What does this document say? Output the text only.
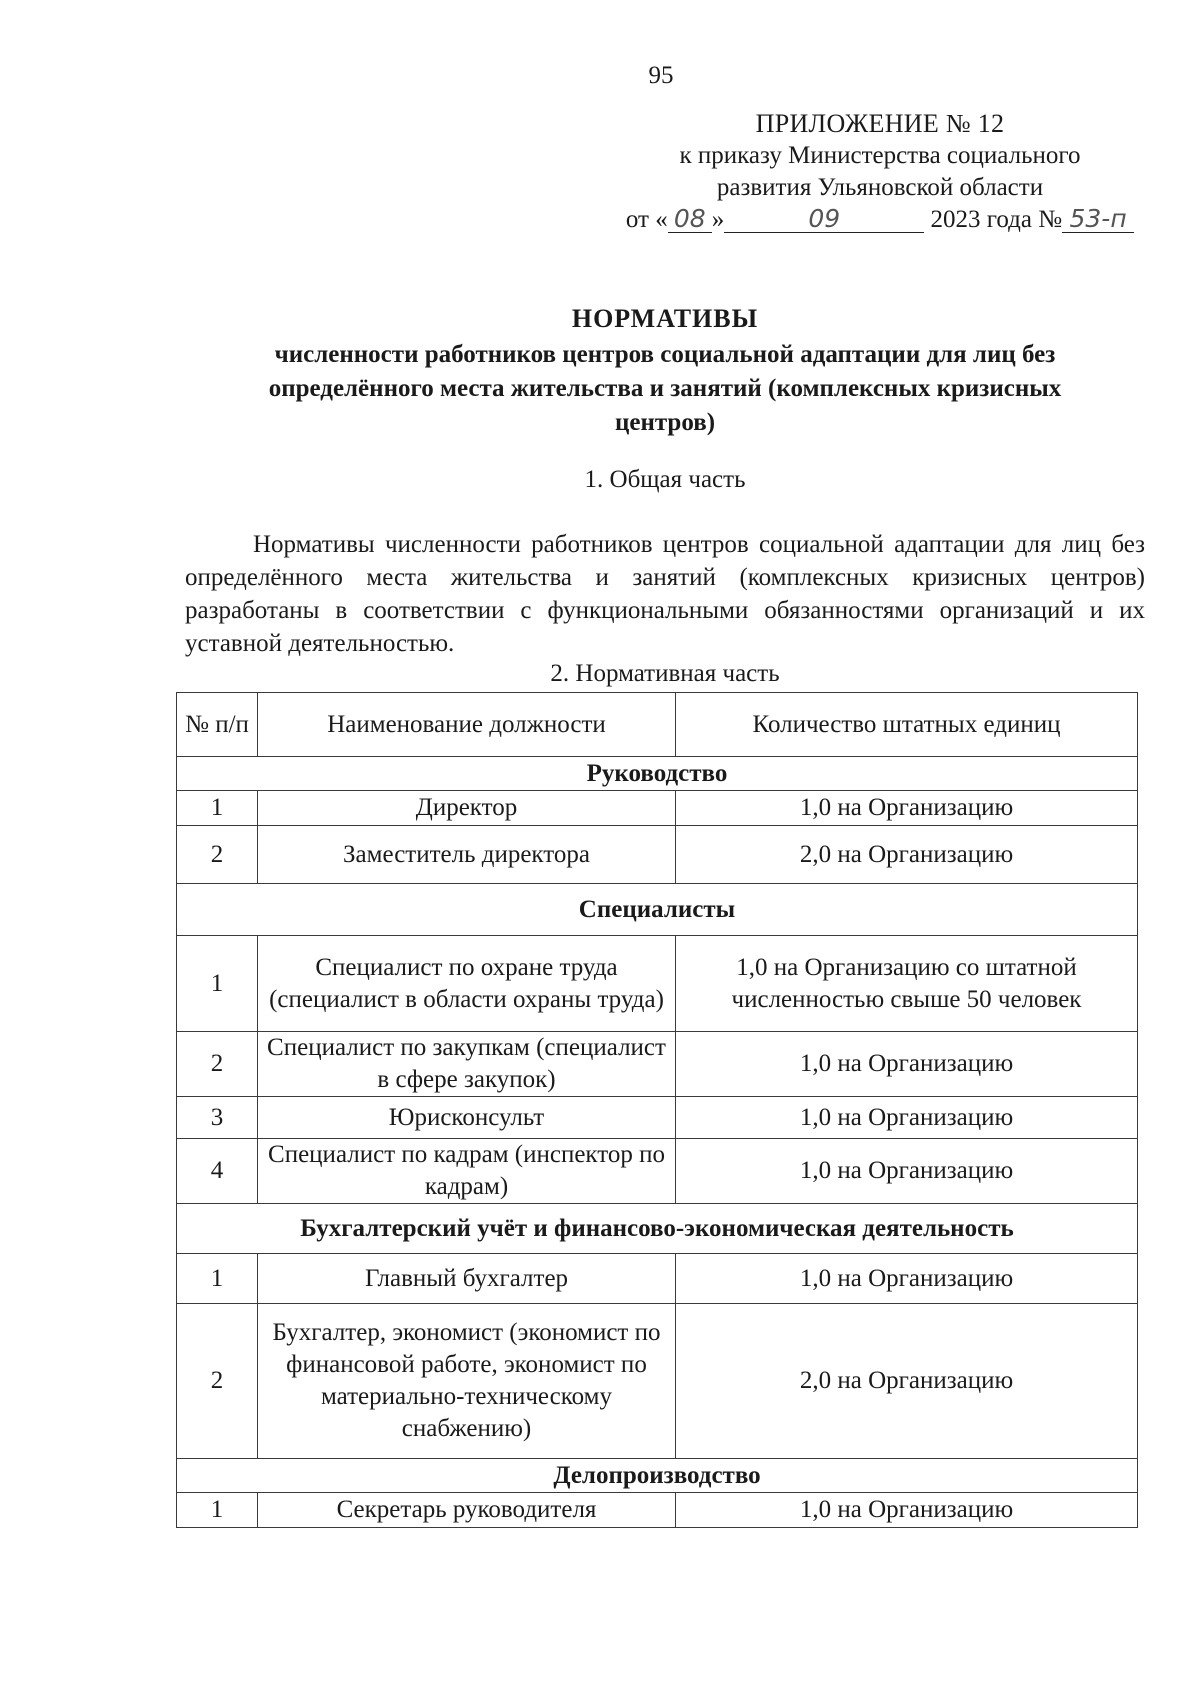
95
ПРИЛОЖЕНИЕ № 12
к приказу Министерства социального
развития Ульяновской области
от « 08 »	09	2023 года № 53-п
НОРМАТИВЫ
численности работников центров социальной адаптации для лиц без
определённого места жительства и занятий (комплексных кризисных
центров)
1. Общая часть
Нормативы численности работников центров социальной адаптации для лиц без определённого места жительства и занятий (комплексных кризисных центров) разработаны в соответствии с функциональными обязанностями организаций и их уставной деятельностью.
2. Нормативная часть
№ п/п	Наименование должности	Количество штатных единиц
Руководство		
1	Директор	1,0 на Организацию
2	Заместитель директора	2,0 на Организацию
Специалисты		
1	Специалист по охране труда (специалист в области охраны труда)	1,0 на Организацию со штатной численностью свыше 50 человек
2	Специалист по закупкам (специалист в сфере закупок)	1,0 на Организацию
3	Юрисконсульт	1,0 на Организацию
4	Специалист по кадрам (инспектор по кадрам)	1,0 на Организацию
Бухгалтерский учёт и финансово-экономическая деятельность		
1	Главный бухгалтер	1,0 на Организацию
2	Бухгалтер, экономист (экономист по финансовой работе, экономист по материально-техническому снабжению)	2,0 на Организацию
Делопроизводство		
1	Секретарь руководителя	1,0 на Организацию
